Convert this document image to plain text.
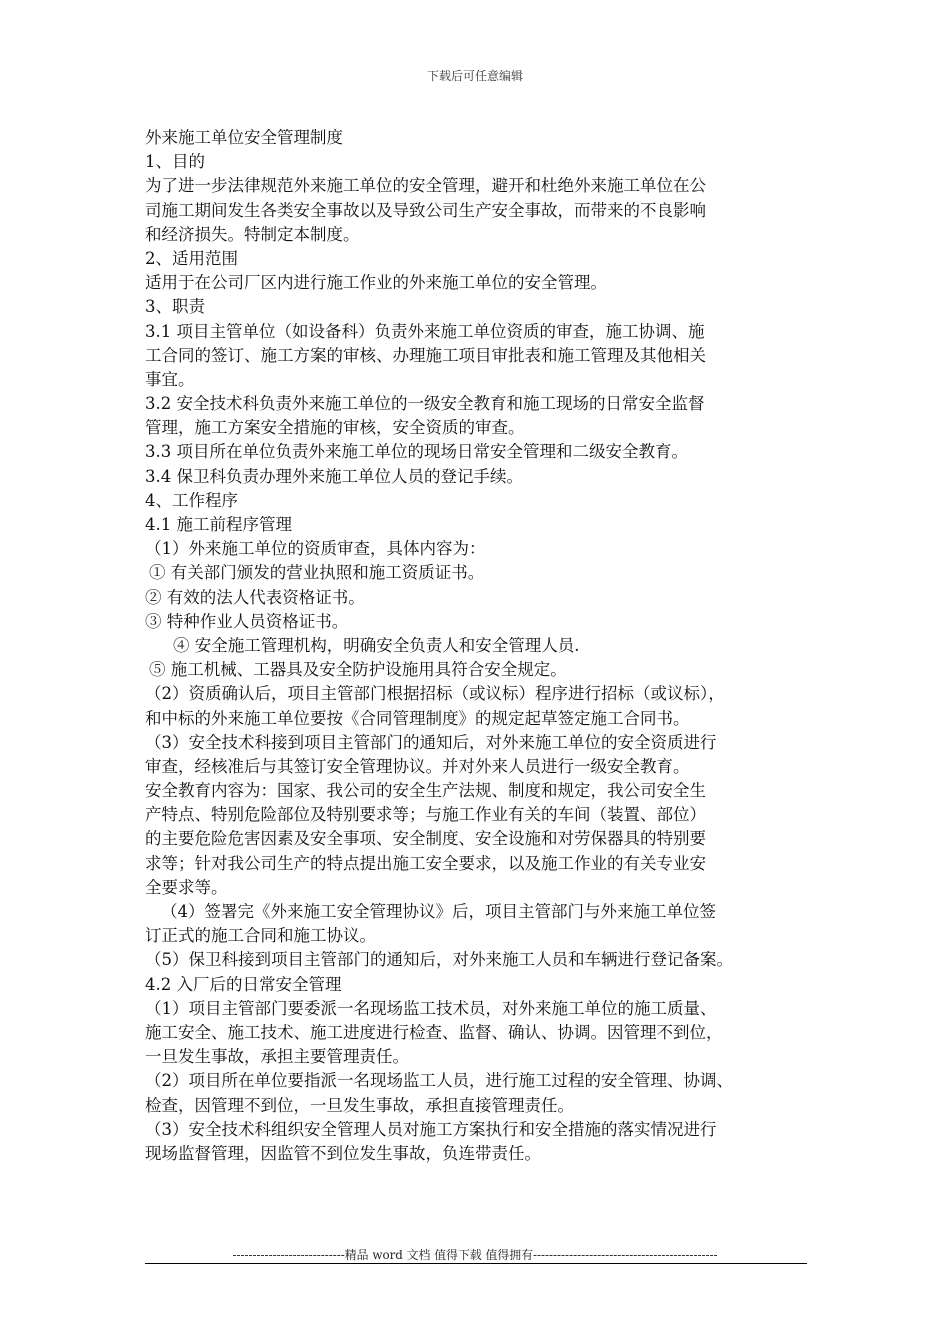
下载后可任意编辑
外来施工单位安全管理制度
1、目的
为了进一步法律规范外来施工单位的安全管理，避开和杜绝外来施工单位在公
司施工期间发生各类安全事故以及导致公司生产安全事故，而带来的不良影响
和经济损失。特制定本制度。
2、适用范围
适用于在公司厂区内进行施工作业的外来施工单位的安全管理。
3、职责
3.1 项目主管单位（如设备科）负责外来施工单位资质的审查，施工协调、施
工合同的签订、施工方案的审核、办理施工项目审批表和施工管理及其他相关
事宜。
3.2 安全技术科负责外来施工单位的一级安全教育和施工现场的日常安全监督
管理，施工方案安全措施的审核，安全资质的审查。
3.3 项目所在单位负责外来施工单位的现场日常安全管理和二级安全教育。
3.4 保卫科负责办理外来施工单位人员的登记手续。
4、工作程序
4.1 施工前程序管理
（1）外来施工单位的资质审查，具体内容为：
① 有关部门颁发的营业执照和施工资质证书。
② 有效的法人代表资格证书。
③ 特种作业人员资格证书。
④ 安全施工管理机构，明确安全负责人和安全管理人员.
⑤ 施工机械、工器具及安全防护设施用具符合安全规定。
（2）资质确认后，项目主管部门根据招标（或议标）程序进行招标（或议标），
和中标的外来施工单位要按《合同管理制度》的规定起草签定施工合同书。
（3）安全技术科接到项目主管部门的通知后，对外来施工单位的安全资质进行
审查，经核准后与其签订安全管理协议。并对外来人员进行一级安全教育。
安全教育内容为：国家、我公司的安全生产法规、制度和规定，我公司安全生
产特点、特别危险部位及特别要求等；与施工作业有关的车间（装置、部位）
的主要危险危害因素及安全事项、安全制度、安全设施和对劳保器具的特别要
求等；针对我公司生产的特点提出施工安全要求，以及施工作业的有关专业安
全要求等。
（4）签署完《外来施工安全管理协议》后，项目主管部门与外来施工单位签
订正式的施工合同和施工协议。
（5）保卫科接到项目主管部门的通知后，对外来施工人员和车辆进行登记备案。
4.2 入厂后的日常安全管理
（1）项目主管部门要委派一名现场监工技术员，对外来施工单位的施工质量、
施工安全、施工技术、施工进度进行检查、监督、确认、协调。因管理不到位，
一旦发生事故，承担主要管理责任。
（2）项目所在单位要指派一名现场监工人员，进行施工过程的安全管理、协调、
检查，因管理不到位，一旦发生事故，承担直接管理责任。
（3）安全技术科组织安全管理人员对施工方案执行和安全措施的落实情况进行
现场监督管理，因监管不到位发生事故，负连带责任。
----------------------------精品 word 文档 值得下载 值得拥有----------------------------------------------
